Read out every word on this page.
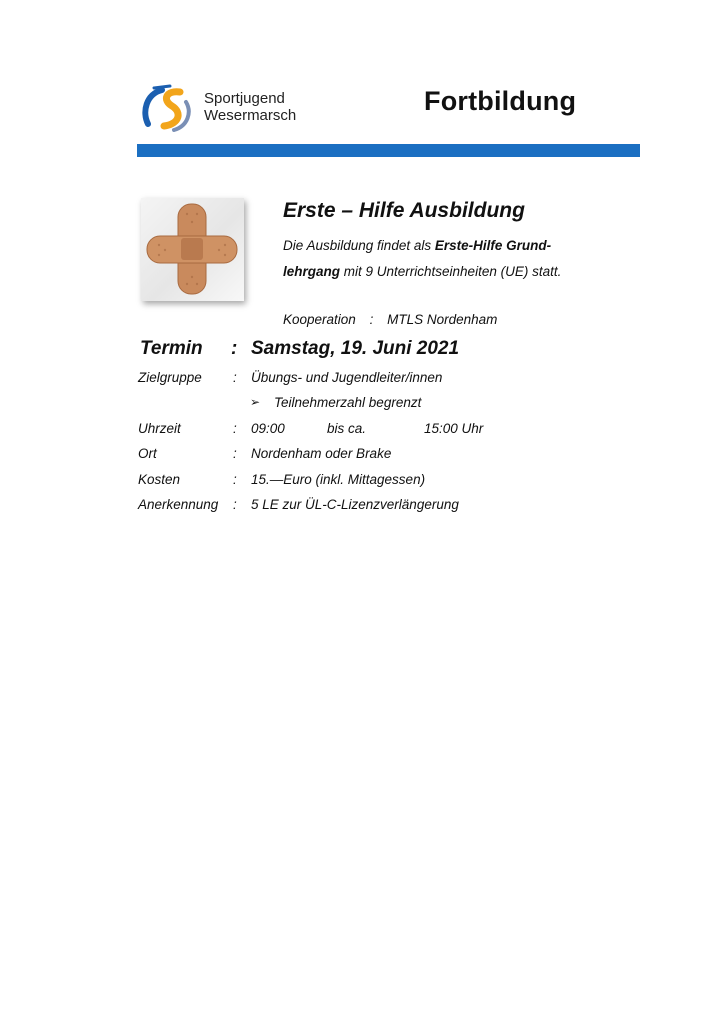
Sportjugend
Wesermarsch	Fortbildung
Erste – Hilfe Ausbildung
Die Ausbildung findet als Erste-Hilfe Grund-
lehrgang mit 9 Unterrichtseinheiten (UE) statt.
Kooperation : MTLS Nordenham
Termin : Samstag, 19. Juni 2021
Zielgruppe : Übungs- und Jugendleiter/innen
➢ Teilnehmerzahl begrenzt
Uhrzeit	: 09:00	bis ca.	15:00 Uhr
Ort	: Nordenham oder Brake
Kosten	: 15.—Euro (inkl. Mittagessen)
Anerkennung : 5 LE zur ÜL-C-Lizenzverlängerung
